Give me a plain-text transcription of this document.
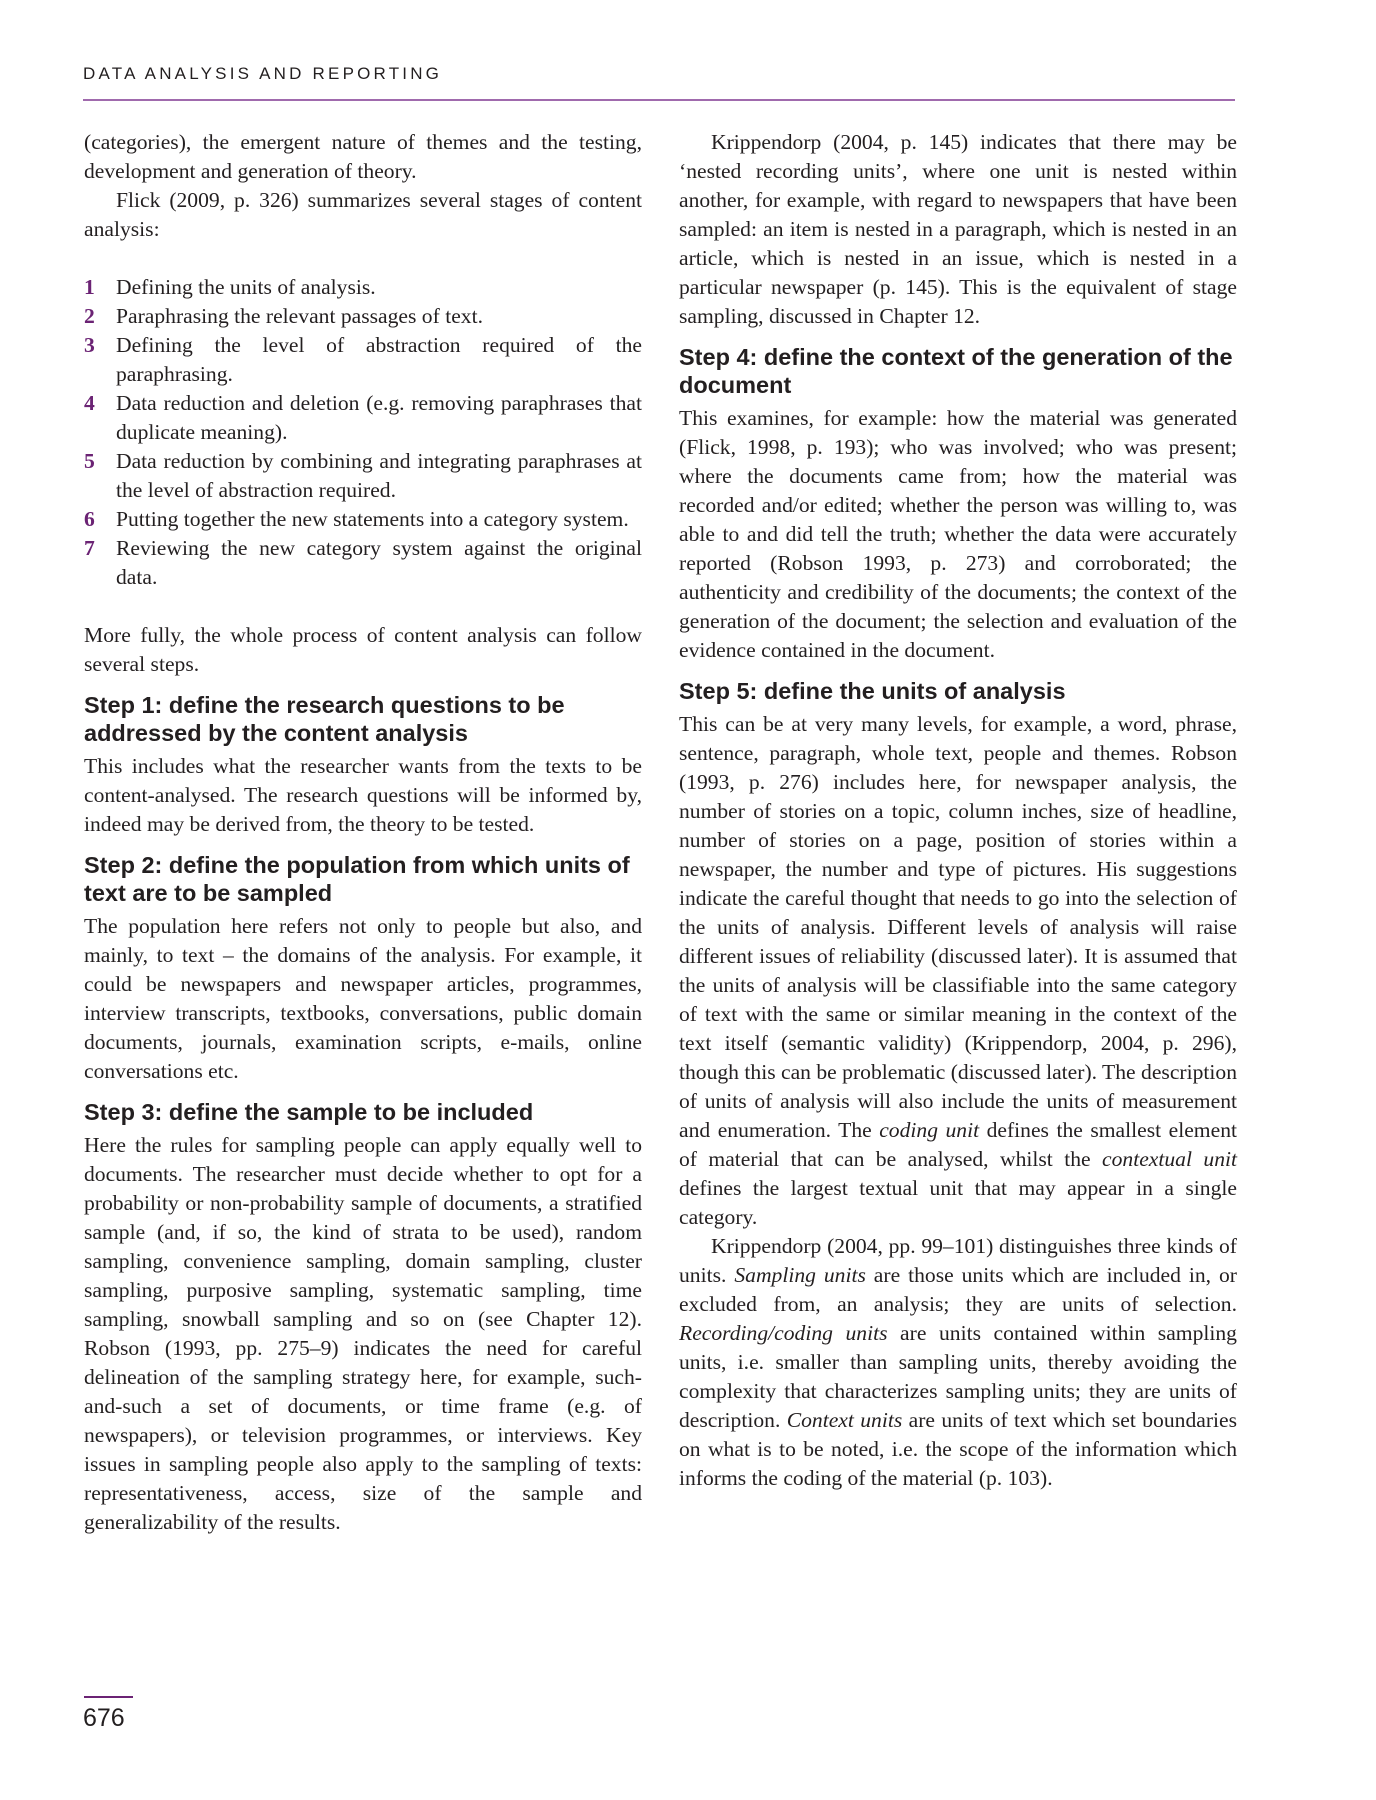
DATA ANALYSIS AND REPORTING

(categories), the emergent nature of themes and the testing, development and generation of theory.

Flick (2009, p. 326) summarizes several stages of content analysis:

1 Defining the units of analysis.
2 Paraphrasing the relevant passages of text.
3 Defining the level of abstraction required of the paraphrasing.
4 Data reduction and deletion (e.g. removing paraphrases that duplicate meaning).
5 Data reduction by combining and integrating paraphrases at the level of abstraction required.
6 Putting together the new statements into a category system.
7 Reviewing the new category system against the original data.

More fully, the whole process of content analysis can follow several steps.

Step 1: define the research questions to be addressed by the content analysis

This includes what the researcher wants from the texts to be content-analysed. The research questions will be informed by, indeed may be derived from, the theory to be tested.

Step 2: define the population from which units of text are to be sampled

The population here refers not only to people but also, and mainly, to text – the domains of the analysis. For example, it could be newspapers and newspaper articles, programmes, interview transcripts, textbooks, conversations, public domain documents, journals, examination scripts, e-mails, online conversations etc.

Step 3: define the sample to be included

Here the rules for sampling people can apply equally well to documents. The researcher must decide whether to opt for a probability or non-probability sample of documents, a stratified sample (and, if so, the kind of strata to be used), random sampling, convenience sampling, domain sampling, cluster sampling, purposive sampling, systematic sampling, time sampling, snowball sampling and so on (see Chapter 12). Robson (1993, pp. 275–9) indicates the need for careful delineation of the sampling strategy here, for example, such-and-such a set of documents, or time frame (e.g. of newspapers), or television programmes, or interviews. Key issues in sampling people also apply to the sampling of texts: representativeness, access, size of the sample and generalizability of the results.

Krippendorp (2004, p. 145) indicates that there may be ‘nested recording units’, where one unit is nested within another, for example, with regard to newspapers that have been sampled: an item is nested in a paragraph, which is nested in an article, which is nested in an issue, which is nested in a particular newspaper (p. 145). This is the equivalent of stage sampling, discussed in Chapter 12.

Step 4: define the context of the generation of the document

This examines, for example: how the material was generated (Flick, 1998, p. 193); who was involved; who was present; where the documents came from; how the material was recorded and/or edited; whether the person was willing to, was able to and did tell the truth; whether the data were accurately reported (Robson 1993, p. 273) and corroborated; the authenticity and credibility of the documents; the context of the generation of the document; the selection and evaluation of the evidence contained in the document.

Step 5: define the units of analysis

This can be at very many levels, for example, a word, phrase, sentence, paragraph, whole text, people and themes. Robson (1993, p. 276) includes here, for newspaper analysis, the number of stories on a topic, column inches, size of headline, number of stories on a page, position of stories within a newspaper, the number and type of pictures. His suggestions indicate the careful thought that needs to go into the selection of the units of analysis. Different levels of analysis will raise different issues of reliability (discussed later). It is assumed that the units of analysis will be classifiable into the same category of text with the same or similar meaning in the context of the text itself (semantic validity) (Krippendorp, 2004, p. 296), though this can be problematic (discussed later). The description of units of analysis will also include the units of measurement and enumeration. The coding unit defines the smallest element of material that can be analysed, whilst the contextual unit defines the largest textual unit that may appear in a single category.

Krippendorp (2004, pp. 99–101) distinguishes three kinds of units. Sampling units are those units which are included in, or excluded from, an analysis; they are units of selection. Recording/coding units are units contained within sampling units, i.e. smaller than sampling units, thereby avoiding the complexity that characterizes sampling units; they are units of description. Context units are units of text which set boundaries on what is to be noted, i.e. the scope of the information which informs the coding of the material (p. 103).

676
